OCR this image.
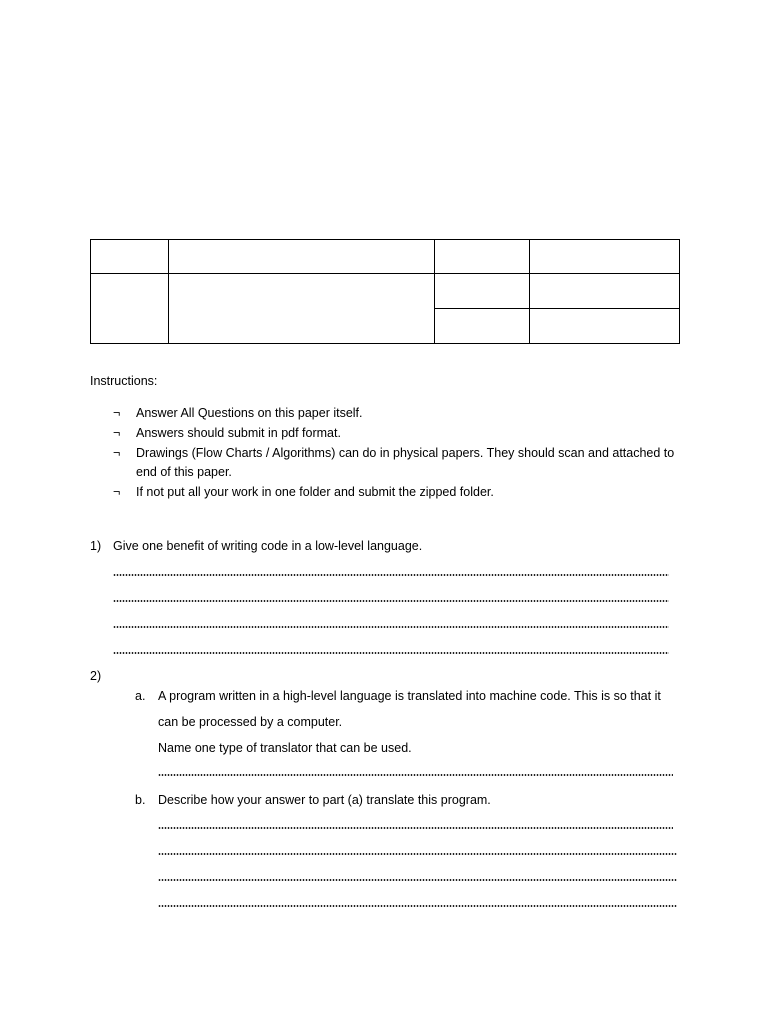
Instructions:
¬ Answer All Questions on this paper itself.
¬ Answers should submit in pdf format.
¬ Drawings (Flow Charts / Algorithms) can do in physical papers. They should scan and attached to end of this paper.
¬ If not put all your work in one folder and submit the zipped folder.
1) Give one benefit of writing code in a low-level language.
2)
a. A program written in a high-level language is translated into machine code. This is so that it
can be processed by a computer.
Name one type of translator that can be used.
b. Describe how your answer to part (a) translate this program.
